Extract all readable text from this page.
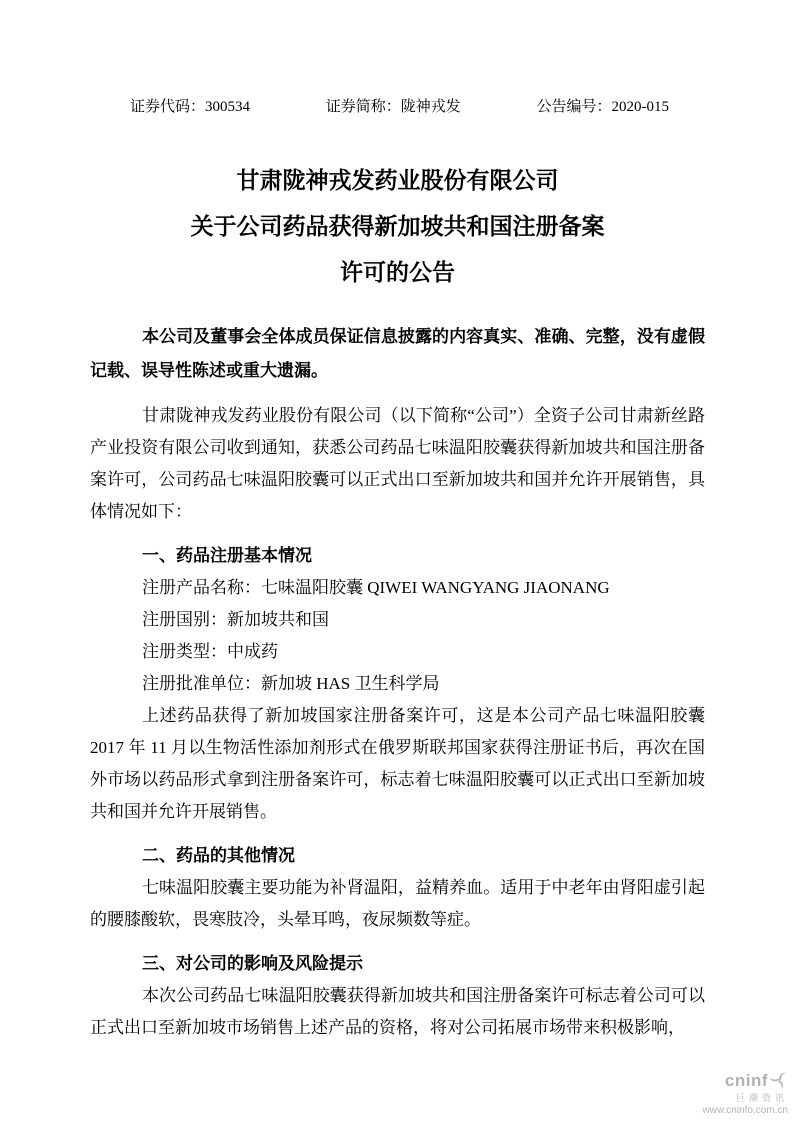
证券代码：300534	证券简称：陇神戎发	公告编号：2020-015
甘肃陇神戎发药业股份有限公司
关于公司药品获得新加坡共和国注册备案
许可的公告

本公司及董事会全体成员保证信息披露的内容真实、准确、完整，没有虚假记载、误导性陈述或重大遗漏。

甘肃陇神戎发药业股份有限公司（以下简称“公司”）全资子公司甘肃新丝路产业投资有限公司收到通知，获悉公司药品七味温阳胶囊获得新加坡共和国注册备案许可，公司药品七味温阳胶囊可以正式出口至新加坡共和国并允许开展销售，具体情况如下：

一、药品注册基本情况

注册产品名称：七味温阳胶囊 QIWEI WANGYANG JIAONANG
注册国别：新加坡共和国
注册类型：中成药
注册批准单位：新加坡 HAS 卫生科学局

上述药品获得了新加坡国家注册备案许可，这是本公司产品七味温阳胶囊 2017 年 11 月以生物活性添加剂形式在俄罗斯联邦国家获得注册证书后，再次在国外市场以药品形式拿到注册备案许可，标志着七味温阳胶囊可以正式出口至新加坡共和国并允许开展销售。

二、药品的其他情况

七味温阳胶囊主要功能为补肾温阳，益精养血。适用于中老年由肾阳虚引起的腰膝酸软，畏寒肢冷，头晕耳鸣，夜尿频数等症。

三、对公司的影响及风险提示

本次公司药品七味温阳胶囊获得新加坡共和国注册备案许可标志着公司可以正式出口至新加坡市场销售上述产品的资格，将对公司拓展市场带来积极影响，

cninf
巨潮资讯
www.cninfo.com.cn
